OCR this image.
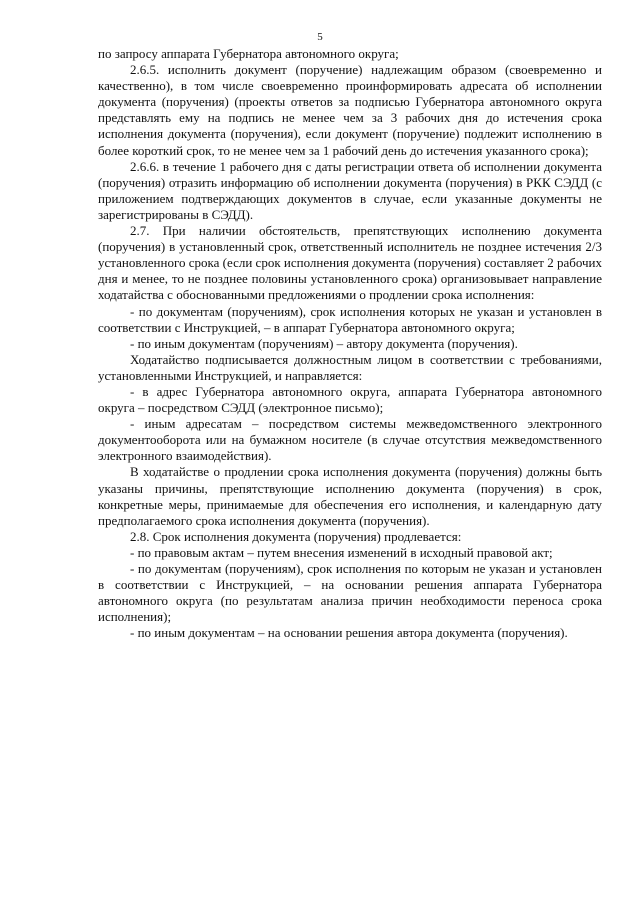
5

по запросу аппарата Губернатора автономного округа;

2.6.5. исполнить документ (поручение) надлежащим образом (своевременно и качественно), в том числе своевременно проинформировать адресата об исполнении документа (поручения) (проекты ответов за подписью Губернатора автономного округа представлять ему на подпись не менее чем за 3 рабочих дня до истечения срока исполнения документа (поручения), если документ (поручение) подлежит исполнению в более короткий срок, то не менее чем за 1 рабочий день до истечения указанного срока);

2.6.6. в течение 1 рабочего дня с даты регистрации ответа об исполнении документа (поручения) отразить информацию об исполнении документа (поручения) в РКК СЭДД (с приложением подтверждающих документов в случае, если указанные документы не зарегистрированы в СЭДД).

2.7. При наличии обстоятельств, препятствующих исполнению документа (поручения) в установленный срок, ответственный исполнитель не позднее истечения 2/3 установленного срока (если срок исполнения документа (поручения) составляет 2 рабочих дня и менее, то не позднее половины установленного срока) организовывает направление ходатайства с обоснованными предложениями о продлении срока исполнения:

- по документам (поручениям), срок исполнения которых не указан и установлен в соответствии с Инструкцией, – в аппарат Губернатора автономного округа;

- по иным документам (поручениям) – автору документа (поручения).

Ходатайство подписывается должностным лицом в соответствии с требованиями, установленными Инструкцией, и направляется:

- в адрес Губернатора автономного округа, аппарата Губернатора автономного округа – посредством СЭДД (электронное письмо);

- иным адресатам – посредством системы межведомственного электронного документооборота или на бумажном носителе (в случае отсутствия межведомственного электронного взаимодействия).

В ходатайстве о продлении срока исполнения документа (поручения) должны быть указаны причины, препятствующие исполнению документа (поручения) в срок, конкретные меры, принимаемые для обеспечения его исполнения, и календарную дату предполагаемого срока исполнения документа (поручения).

2.8. Срок исполнения документа (поручения) продлевается:

- по правовым актам – путем внесения изменений в исходный правовой акт;

- по документам (поручениям), срок исполнения по которым не указан и установлен в соответствии с Инструкцией, – на основании решения аппарата Губернатора автономного округа (по результатам анализа причин необходимости переноса срока исполнения);

- по иным документам – на основании решения автора документа (поручения).
